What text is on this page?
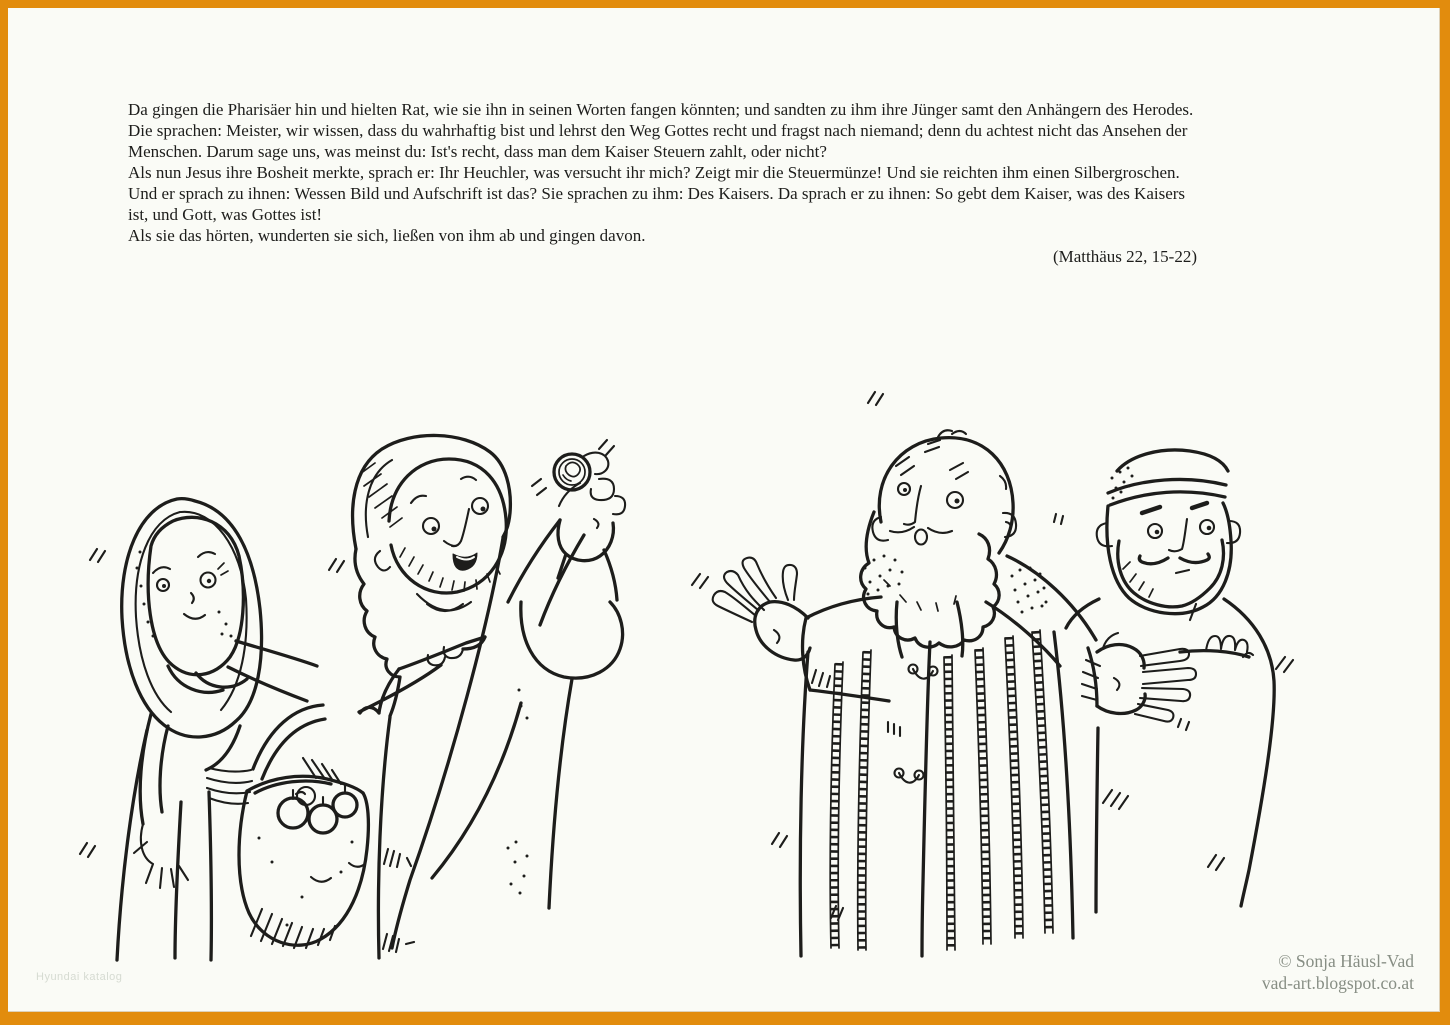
Da gingen die Pharisäer hin und hielten Rat, wie sie ihn in seinen Worten fangen könnten; und sandten zu ihm ihre Jünger samt den Anhängern des Herodes.
Die sprachen: Meister, wir wissen, dass du wahrhaftig bist und lehrst den Weg Gottes recht und fragst nach niemand; denn du achtest nicht das Ansehen der
Menschen. Darum sage uns, was meinst du: Ist's recht, dass man dem Kaiser Steuern zahlt, oder nicht?
Als nun Jesus ihre Bosheit merkte, sprach er: Ihr Heuchler, was versucht ihr mich? Zeigt mir die Steuermünze! Und sie reichten ihm einen Silbergroschen.
Und er sprach zu ihnen: Wessen Bild und Aufschrift ist das? Sie sprachen zu ihm: Des Kaisers. Da sprach er zu ihnen: So gebt dem Kaiser, was des Kaisers
ist, und Gott, was Gottes ist!
Als sie das hörten, wunderten sie sich, ließen von ihm ab und gingen davon.
(Matthäus 22, 15-22)
Hyundai katalog
© Sonja Häusl-Vad
vad-art.blogspot.co.at
